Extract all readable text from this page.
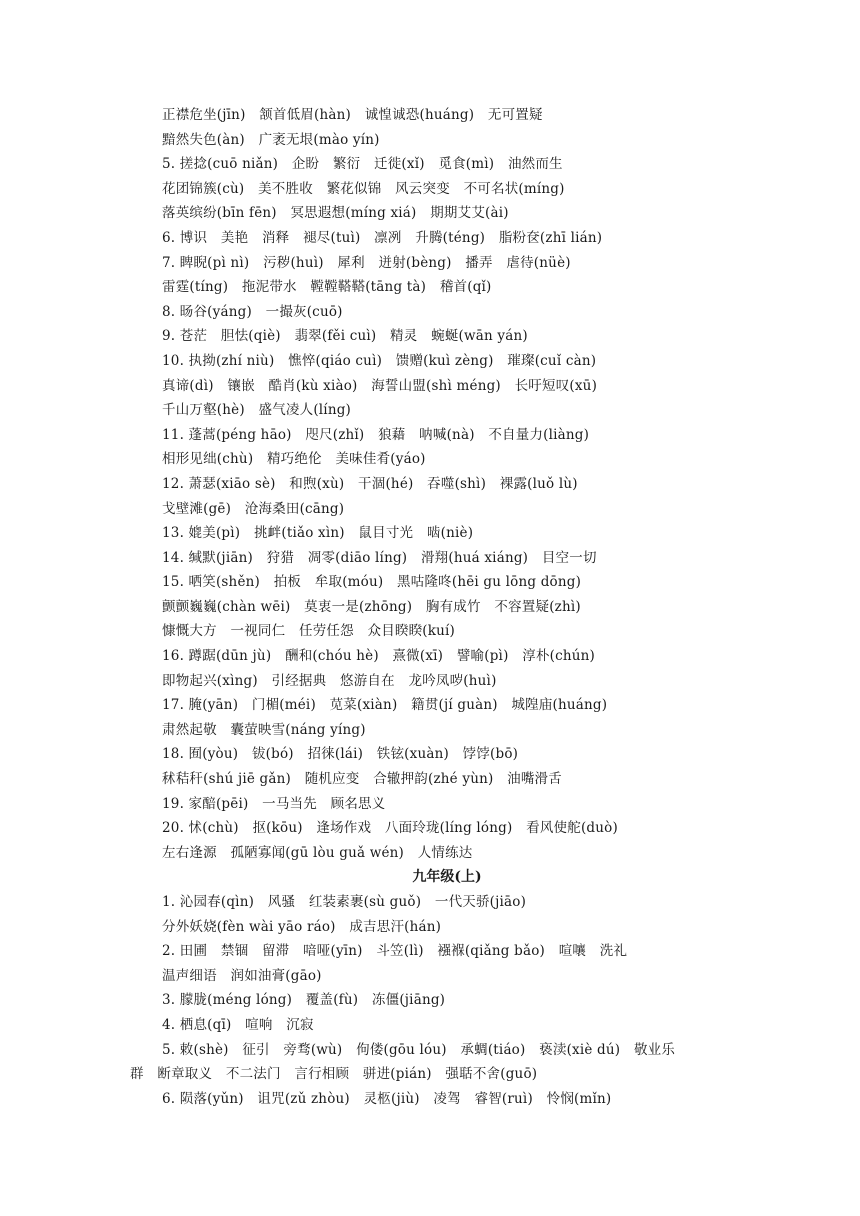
正襟危坐(jīn)　颔首低眉(hàn)　诚惶诚恐(huáng)　无可置疑
黯然失色(àn)　广袤无垠(mào yín)
5. 搓捻(cuō niǎn)　企盼　繁衍　迁徙(xǐ)　觅食(mì)　油然而生
花团锦簇(cù)　美不胜收　繁花似锦　风云突变　不可名状(míng)
落英缤纷(bīn fēn)　冥思遐想(míng xiá)　期期艾艾(ài)
6. 博识　美艳　消释　褪尽(tuì)　凛冽　升腾(téng)　脂粉奁(zhī lián)
7. 睥睨(pì nì)　污秽(huì)　犀利　迸射(bèng)　播弄　虐待(nüè)
雷霆(tíng)　拖泥带水　鞺鞺鞳鞳(tāng tà)　稽首(qǐ)
8. 旸谷(yáng)　一撮灰(cuō)
9. 苍茫　胆怯(qiè)　翡翠(fěi cuì)　精灵　蜿蜒(wān yán)
10. 执拗(zhí niù)　憔悴(qiáo cuì)　馈赠(kuì zèng)　璀璨(cuǐ càn)
真谛(dì)　镶嵌　酷肖(kù xiào)　海誓山盟(shì méng)　长吁短叹(xū)
千山万壑(hè)　盛气凌人(líng)
11. 蓬蒿(péng hāo)　咫尺(zhǐ)　狼藉　呐喊(nà)　不自量力(liàng)
相形见绌(chù)　精巧绝伦　美味佳肴(yáo)
12. 萧瑟(xiāo sè)　和煦(xù)　干涸(hé)　吞噬(shì)　裸露(luǒ lù)
戈壁滩(gē)　沧海桑田(cāng)
13. 媲美(pì)　挑衅(tiǎo xìn)　鼠目寸光　啮(niè)
14. 缄默(jiān)　狩猎　凋零(diāo líng)　滑翔(huá xiáng)　目空一切
15. 哂笑(shěn)　拍板　牟取(móu)　黑咕隆咚(hēi gu lōng dōng)
颤颤巍巍(chàn wēi)　莫衷一是(zhōng)　胸有成竹　不容置疑(zhì)
慷慨大方　一视同仁　任劳任怨　众目睽睽(kuí)
16. 蹲踞(dūn jù)　酬和(chóu hè)　熹微(xī)　譬喻(pì)　淳朴(chún)
即物起兴(xìng)　引经据典　悠游自在　龙吟凤哕(huì)
17. 腌(yān)　门楣(méi)　苋菜(xiàn)　籍贯(jí guàn)　城隍庙(huáng)
肃然起敬　囊萤映雪(náng yíng)
18. 囿(yòu)　钹(bó)　招徕(lái)　铁铉(xuàn)　饽饽(bō)
秫秸秆(shú jiē gǎn)　随机应变　合辙押韵(zhé yùn)　油嘴滑舌
19. 家醅(pēi)　一马当先　顾名思义
20. 怵(chù)　抠(kōu)　逢场作戏　八面玲珑(líng lóng)　看风使舵(duò)
左右逢源　孤陋寡闻(gū lòu guǎ wén)　人情练达
九年级(上)
1. 沁园春(qìn)　风骚　红装素裹(sù guǒ)　一代天骄(jiāo)
分外妖娆(fèn wài yāo ráo)　成吉思汗(hán)
2. 田圃　禁锢　留滞　喑哑(yīn)　斗笠(lì)　襁褓(qiǎng bǎo)　喧嚷　洗礼
温声细语　润如油膏(gāo)
3. 朦胧(méng lóng)　覆盖(fù)　冻僵(jiāng)
4. 栖息(qī)　喧响　沉寂
5. 敕(shè)　征引　旁骛(wù)　佝偻(gōu lóu)　承蜩(tiáo)　亵渎(xiè dú)　敬业乐
群　断章取义　不二法门　言行相顾　骈进(pián)　强聒不舍(guō)
6. 陨落(yǔn)　诅咒(zǔ zhòu)　灵柩(jiù)　凌驾　睿智(ruì)　怜悯(mǐn)
